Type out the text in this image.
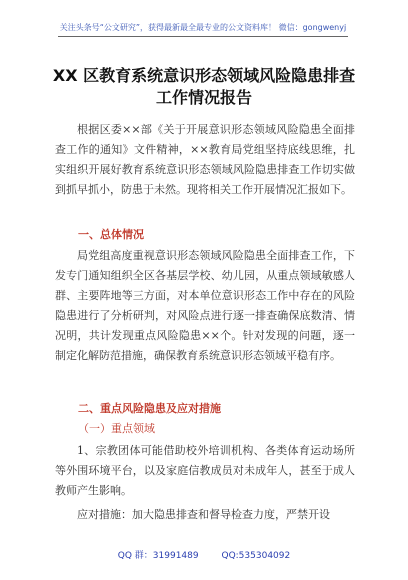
关注头条号“公文研究”，获得最新最全最专业的公文资料库！ 微信：gongwenyj
XX 区教育系统意识形态领域风险隐患排查
工作情况报告
根据区委××部《关于开展意识形态领域风险隐患全面排查工作的通知》文件精神，××教育局党组坚持底线思维，扎实组织开展好教育系统意识形态领域风险隐患排查工作切实做到抓早抓小，防患于未然。现将相关工作开展情况汇报如下。
一、总体情况
局党组高度重视意识形态领域风险隐患全面排查工作，下发专门通知组织全区各基层学校、幼儿园，从重点领域敏感人群、主要阵地等三方面，对本单位意识形态工作中存在的风险隐患进行了分析研判，对风险点进行逐一排查确保底数清、情况明，共计发现重点风险隐患××个。针对发现的问题，逐一制定化解防范措施，确保教育系统意识形态领域平稳有序。
二、重点风险隐患及应对措施
（一）重点领域
1、宗教团体可能借助校外培训机构、各类体育运动场所等外围环境平台，以及家庭信教成员对未成年人，甚至于成人教师产生影响。
应对措施：加大隐患排查和督导检查力度，严禁开设
QQ 群：31991489	QQ:535304092
